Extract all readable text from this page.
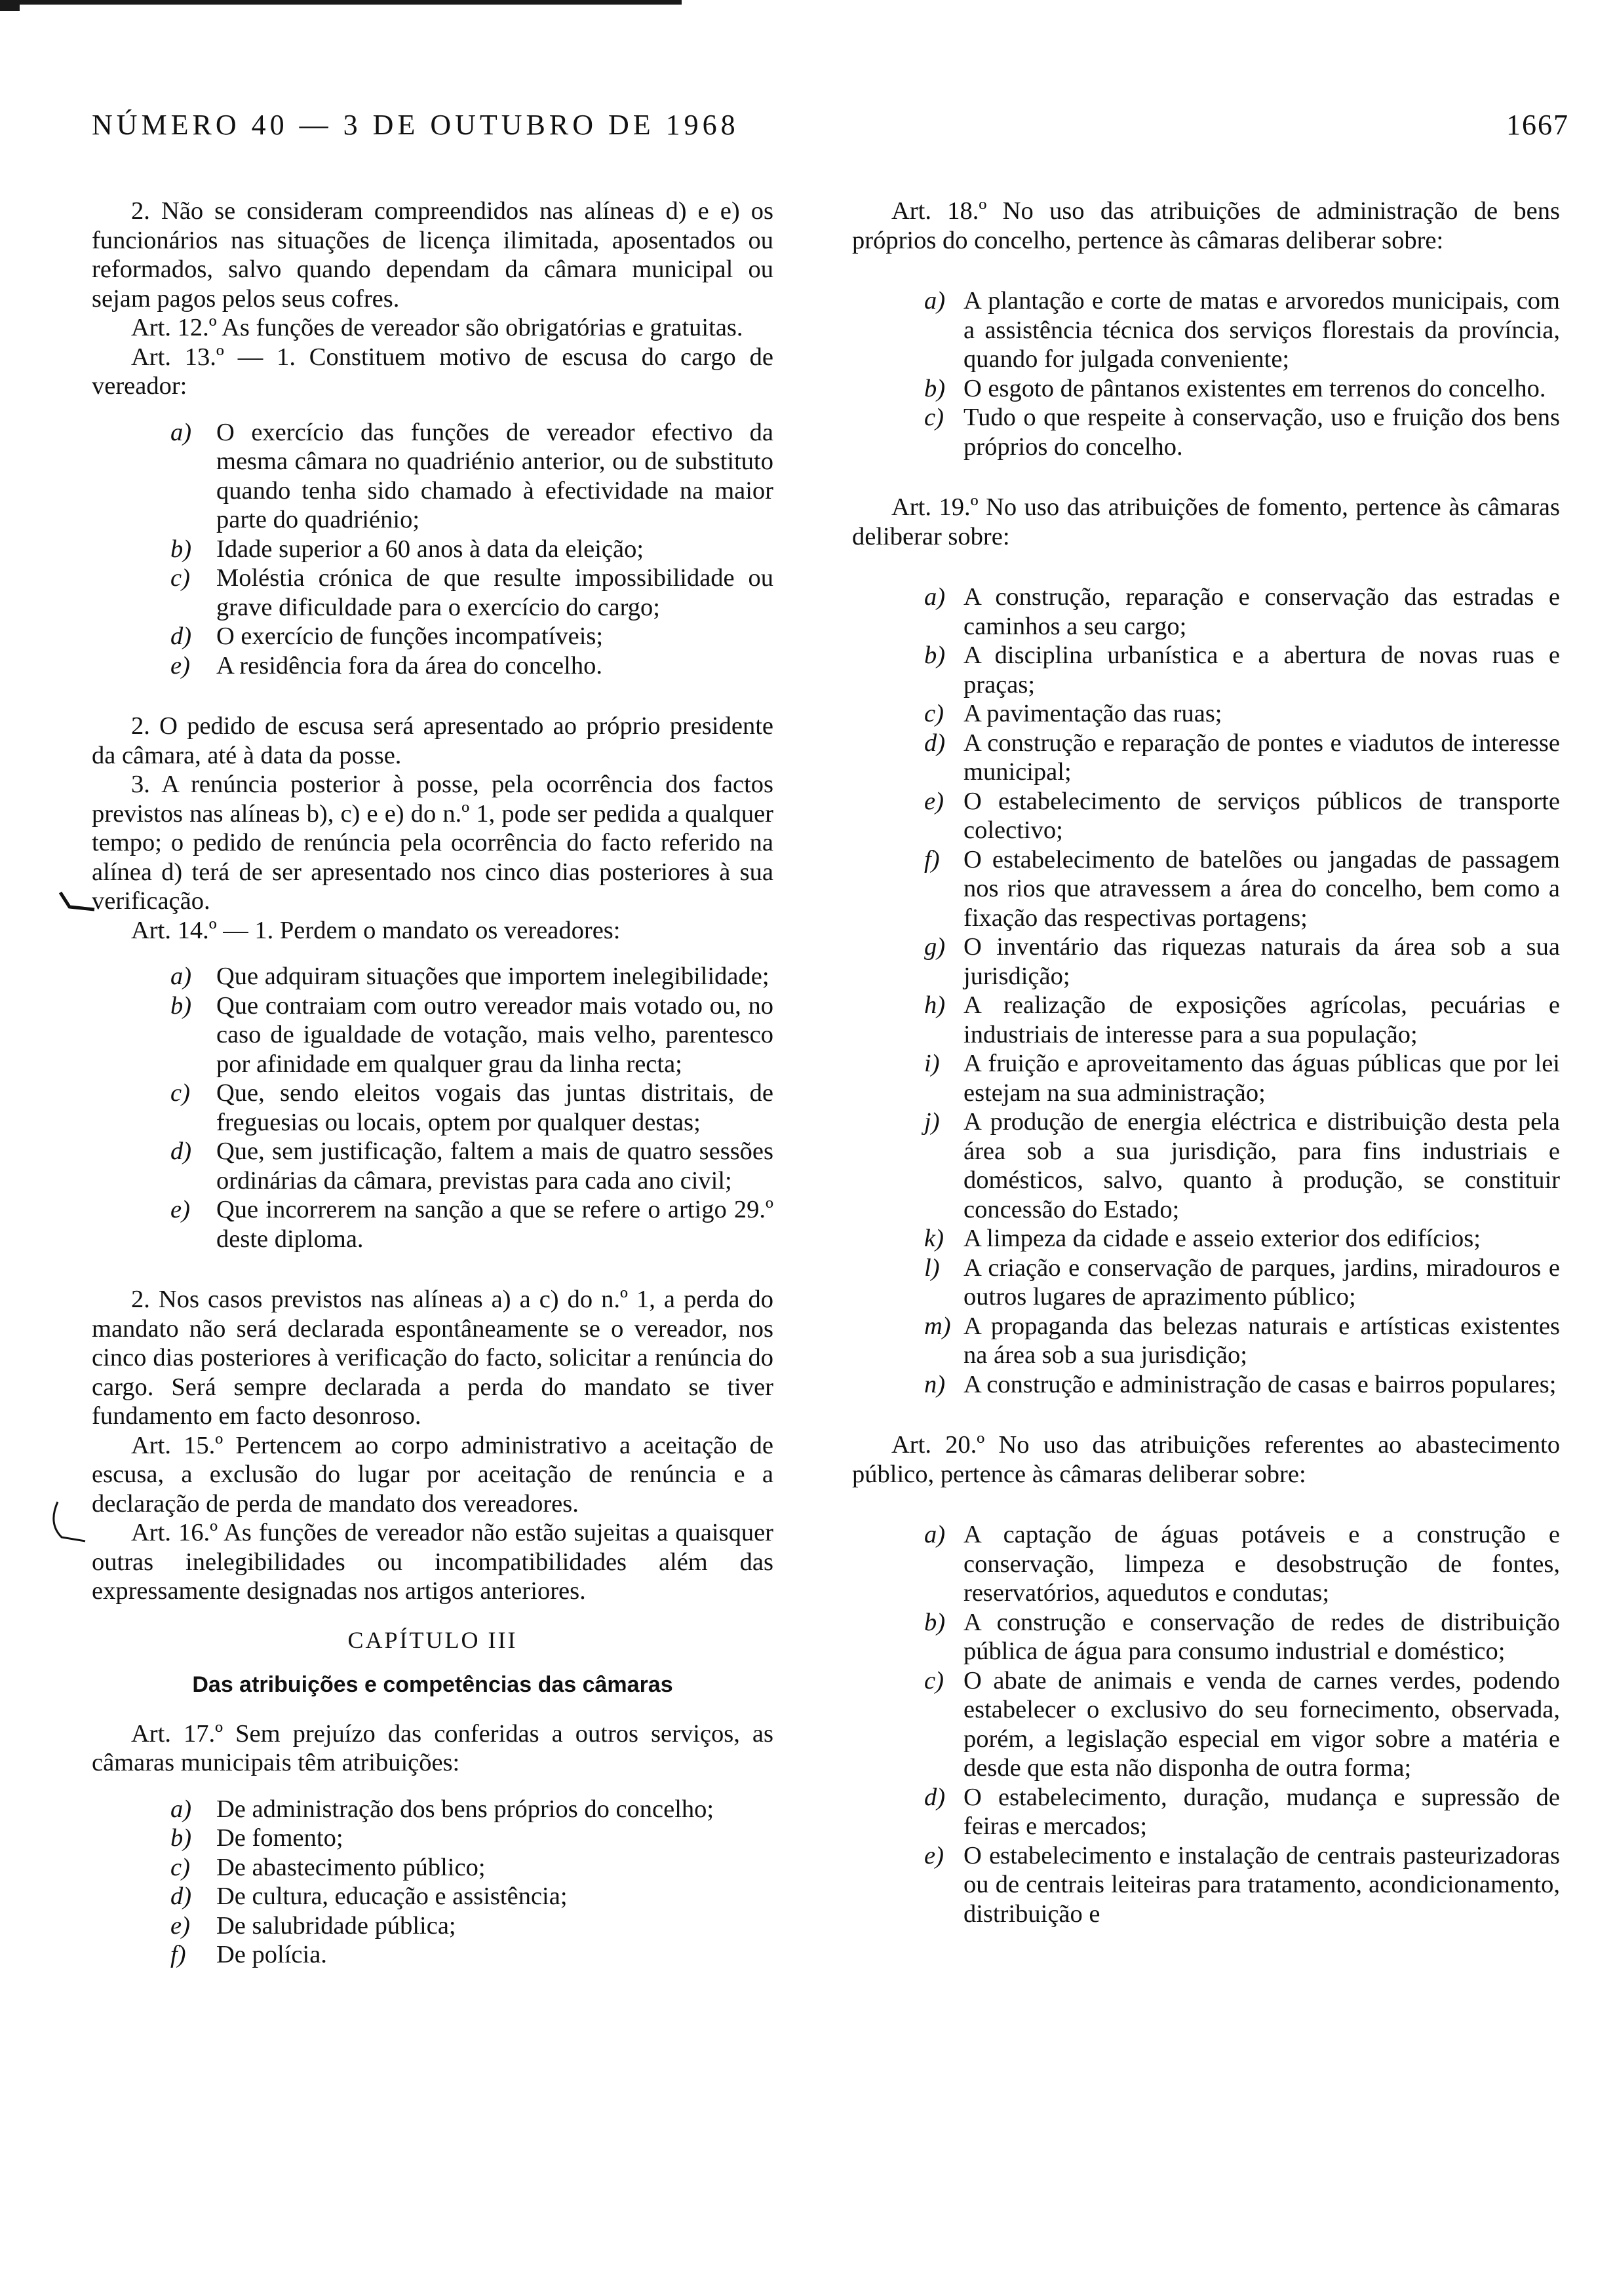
NÚMERO 40 — 3 DE OUTUBRO DE 1968	1667

2. Não se consideram compreendidos nas alíneas d) e e) os funcionários nas situações de licença ilimitada, aposentados ou reformados, salvo quando dependam da câmara municipal ou sejam pagos pelos seus cofres.

Art. 12.º As funções de vereador são obrigatórias e gratuitas.

Art. 13.º — 1. Constituem motivo de escusa do cargo de vereador:

a) O exercício das funções de vereador efectivo da mesma câmara no quadriénio anterior, ou de substituto quando tenha sido chamado à efectividade na maior parte do quadriénio;
b) Idade superior a 60 anos à data da eleição;
c) Moléstia crónica de que resulte impossibilidade ou grave dificuldade para o exercício do cargo;
d) O exercício de funções incompatíveis;
e) A residência fora da área do concelho.

2. O pedido de escusa será apresentado ao próprio presidente da câmara, até à data da posse.

3. A renúncia posterior à posse, pela ocorrência dos factos previstos nas alíneas b), c) e e) do n.º 1, pode ser pedida a qualquer tempo; o pedido de renúncia pela ocorrência do facto referido na alínea d) terá de ser apresentado nos cinco dias posteriores à sua verificação.

Art. 14.º — 1. Perdem o mandato os vereadores:

a) Que adquiram situações que importem inelegibilidade;
b) Que contraiam com outro vereador mais votado ou, no caso de igualdade de votação, mais velho, parentesco por afinidade em qualquer grau da linha recta;
c) Que, sendo eleitos vogais das juntas distritais, de freguesias ou locais, optem por qualquer destas;
d) Que, sem justificação, faltem a mais de quatro sessões ordinárias da câmara, previstas para cada ano civil;
e) Que incorrerem na sanção a que se refere o artigo 29.º deste diploma.

2. Nos casos previstos nas alíneas a) a c) do n.º 1, a perda do mandato não será declarada espontâneamente se o vereador, nos cinco dias posteriores à verificação do facto, solicitar a renúncia do cargo. Será sempre declarada a perda do mandato se tiver fundamento em facto desonroso.

Art. 15.º Pertencem ao corpo administrativo a aceitação de escusa, a exclusão do lugar por aceitação de renúncia e a declaração de perda de mandato dos vereadores.

Art. 16.º As funções de vereador não estão sujeitas a quaisquer outras inelegibilidades ou incompatibilidades além das expressamente designadas nos artigos anteriores.

CAPÍTULO III

Das atribuições e competências das câmaras

Art. 17.º Sem prejuízo das conferidas a outros serviços, as câmaras municipais têm atribuições:

a) De administração dos bens próprios do concelho;
b) De fomento;
c) De abastecimento público;
d) De cultura, educação e assistência;
e) De salubridade pública;
f) De polícia.

Art. 18.º No uso das atribuições de administração de bens próprios do concelho, pertence às câmaras deliberar sobre:

a) A plantação e corte de matas e arvoredos municipais, com a assistência técnica dos serviços florestais da província, quando for julgada conveniente;
b) O esgoto de pântanos existentes em terrenos do concelho.
c) Tudo o que respeite à conservação, uso e fruição dos bens próprios do concelho.

Art. 19.º No uso das atribuições de fomento, pertence às câmaras deliberar sobre:

a) A construção, reparação e conservação das estradas e caminhos a seu cargo;
b) A disciplina urbanística e a abertura de novas ruas e praças;
c) A pavimentação das ruas;
d) A construção e reparação de pontes e viadutos de interesse municipal;
e) O estabelecimento de serviços públicos de transporte colectivo;
f) O estabelecimento de batelões ou jangadas de passagem nos rios que atravessem a área do concelho, bem como a fixação das respectivas portagens;
g) O inventário das riquezas naturais da área sob a sua jurisdição;
h) A realização de exposições agrícolas, pecuárias e industriais de interesse para a sua população;
i) A fruição e aproveitamento das águas públicas que por lei estejam na sua administração;
j) A produção de energia eléctrica e distribuição desta pela área sob a sua jurisdição, para fins industriais e domésticos, salvo, quanto à produção, se constituir concessão do Estado;
k) A limpeza da cidade e asseio exterior dos edifícios;
l) A criação e conservação de parques, jardins, miradouros e outros lugares de aprazimento público;
m) A propaganda das belezas naturais e artísticas existentes na área sob a sua jurisdição;
n) A construção e administração de casas e bairros populares;

Art. 20.º No uso das atribuições referentes ao abastecimento público, pertence às câmaras deliberar sobre:

a) A captação de águas potáveis e a construção e conservação, limpeza e desobstrução de fontes, reservatórios, aquedutos e condutas;
b) A construção e conservação de redes de distribuição pública de água para consumo industrial e doméstico;
c) O abate de animais e venda de carnes verdes, podendo estabelecer o exclusivo do seu fornecimento, observada, porém, a legislação especial em vigor sobre a matéria e desde que esta não disponha de outra forma;
d) O estabelecimento, duração, mudança e supressão de feiras e mercados;
e) O estabelecimento e instalação de centrais pasteurizadoras ou de centrais leiteiras para tratamento, acondicionamento, distribuição e
